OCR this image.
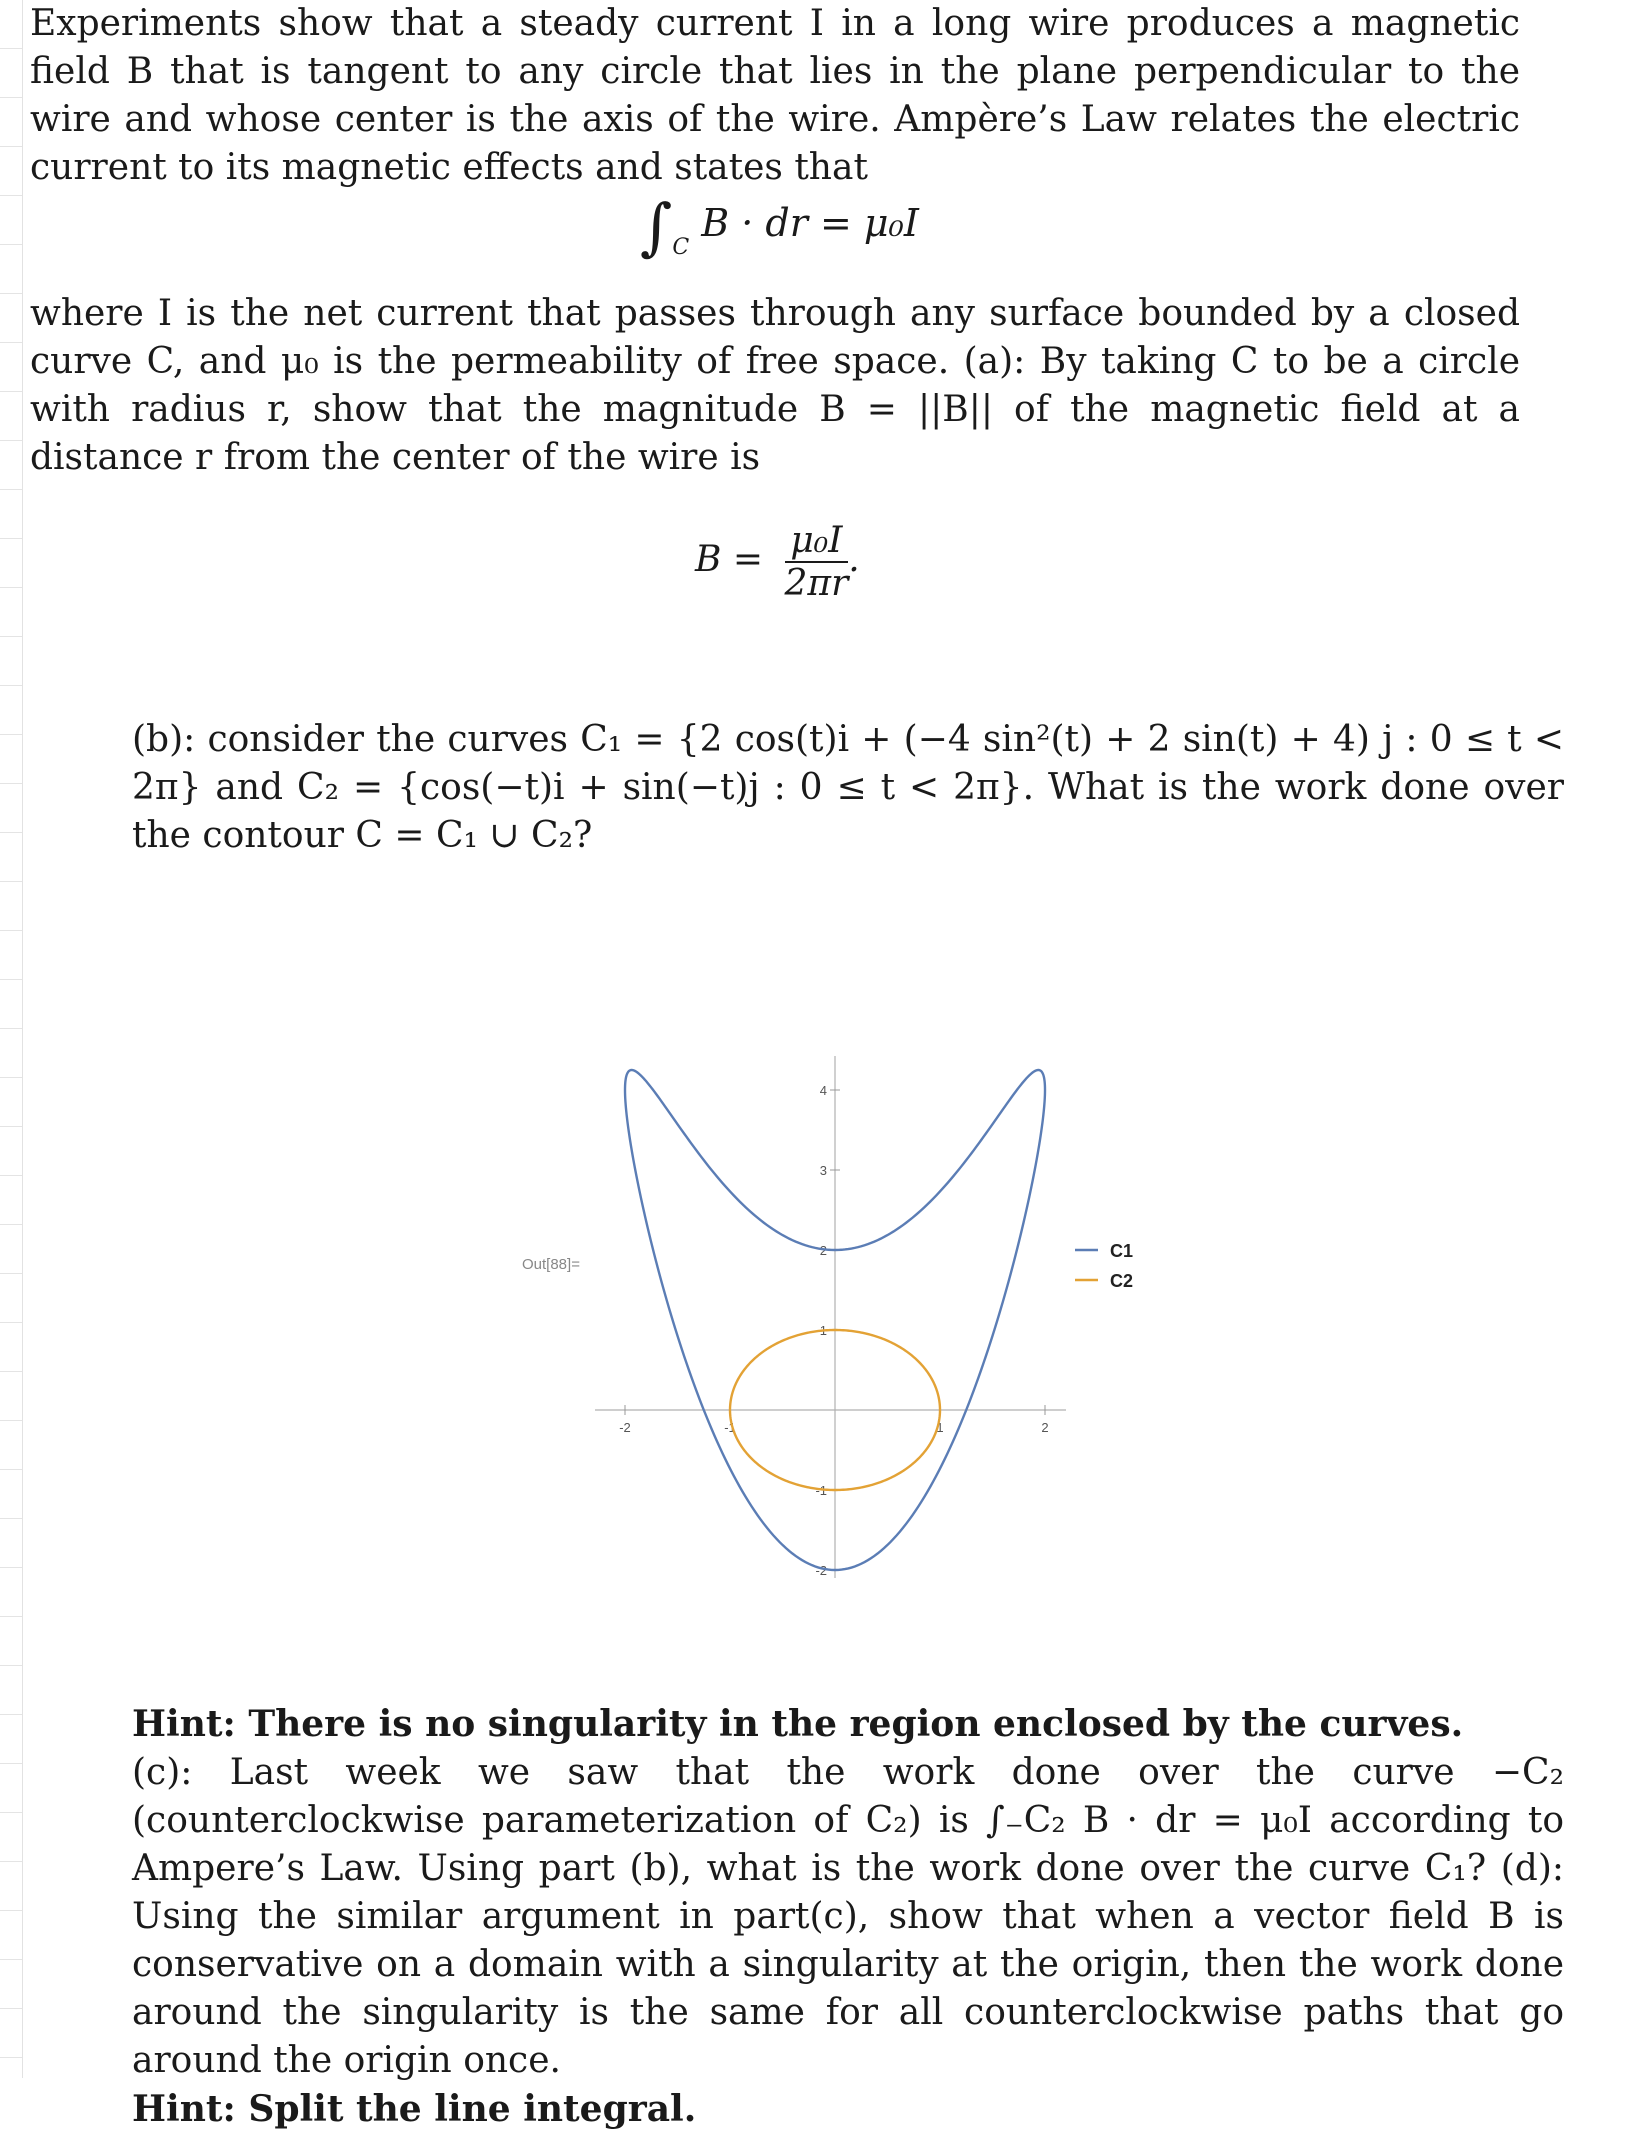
Experiments show that a steady current I in a long wire produces a magnetic field B that is tangent to any circle that lies in the plane perpendicular to the wire and whose center is the axis of the wire. Ampère’s Law relates the electric current to its magnetic effects and states that

$\int_C$ B · dr = μ₀I

where I is the net current that passes through any surface bounded by a closed curve C, and μ₀ is the permeability of free space. (a): By taking C to be a circle with radius r, show that the magnitude B = ||B|| of the magnetic field at a distance r from the center of the wire is

$B = \frac{\text{μ₀I}}{2\pi r}$ .

(b): consider the curves C₁ = {2 cos(t)i + (−4 sin²(t) + 2 sin(t) + 4) j : 0 ≤ t < 2π} and C₂ = {cos(−t)i + sin(−t)j : 0 ≤ t < 2π}. What is the work done over the contour C = C₁ ∪ C₂?

Out[88]=
-2	-1	1	2
-2
-1
1
2
3
4
C1
C2

Hint: There is no singularity in the region enclosed by the curves.
(c): Last week we saw that the work done over the curve −C₂ (counterclockwise parameterization of C₂) is ∫₋C₂ B · dr = μ₀I according to Ampere’s Law. Using part (b), what is the work done over the curve C₁? (d): Using the similar argument in part(c), show that when a vector field B is conservative on a domain with a singularity at the origin, then the work done around the singularity is the same for all counterclockwise paths that go around the origin once.
Hint: Split the line integral.
